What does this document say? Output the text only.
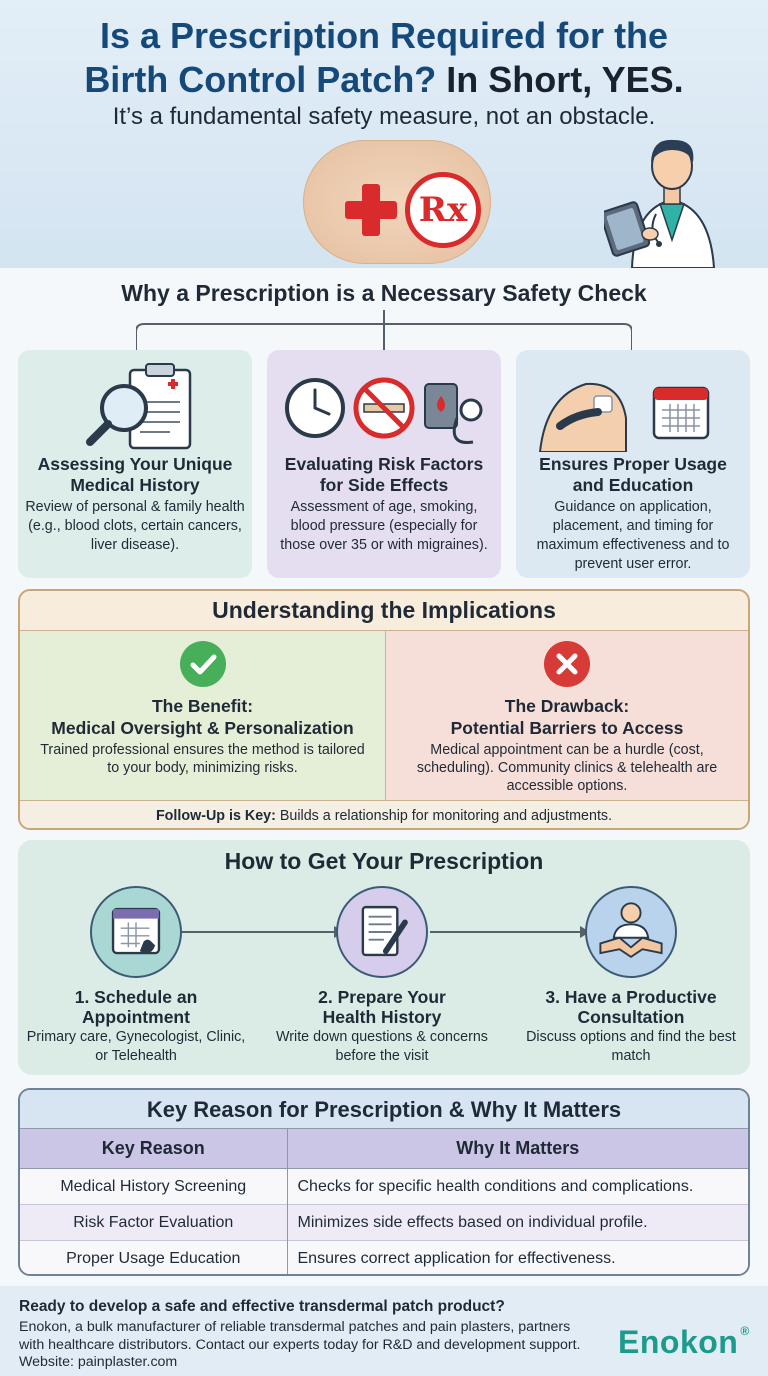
Is a Prescription Required for the
Birth Control Patch? In Short, YES.
It’s a fundamental safety measure, not an obstacle.
Rx
Why a Prescription is a Necessary Safety Check
Assessing Your Unique Medical History

Review of personal & family health (e.g., blood clots, certain cancers, liver disease).

Evaluating Risk Factors for Side Effects

Assessment of age, smoking, blood pressure (especially for those over 35 or with migraines).

Ensures Proper Usage and Education

Guidance on application, placement, and timing for maximum effectiveness and to prevent user error.

Understanding the Implications
The Benefit:
Medical Oversight & Personalization

Trained professional ensures the method is tailored to your body, minimizing risks.

The Drawback:
Potential Barriers to Access

Medical appointment can be a hurdle (cost, scheduling). Community clinics & telehealth are accessible options.

Follow-Up is Key: Builds a relationship for monitoring and adjustments.
How to Get Your Prescription
1. Schedule an
Appointment

Primary care, Gynecologist, Clinic, or Telehealth

2. Prepare Your
Health History

Write down questions & concerns before the visit

3. Have a Productive
Consultation

Discuss options and find the best match

Key Reason for Prescription & Why It Matters
Key Reason	Why It Matters
Medical History Screening	Checks for specific health conditions and complications.
Risk Factor Evaluation	Minimizes side effects based on individual profile.
Proper Usage Education	Ensures correct application for effectiveness.
Ready to develop a safe and effective transdermal patch product?
Enokon, a bulk manufacturer of reliable transdermal patches and pain plasters, partners with healthcare distributors. Contact our experts today for R&D and development support. Website: painplaster.com
Enokon ®
